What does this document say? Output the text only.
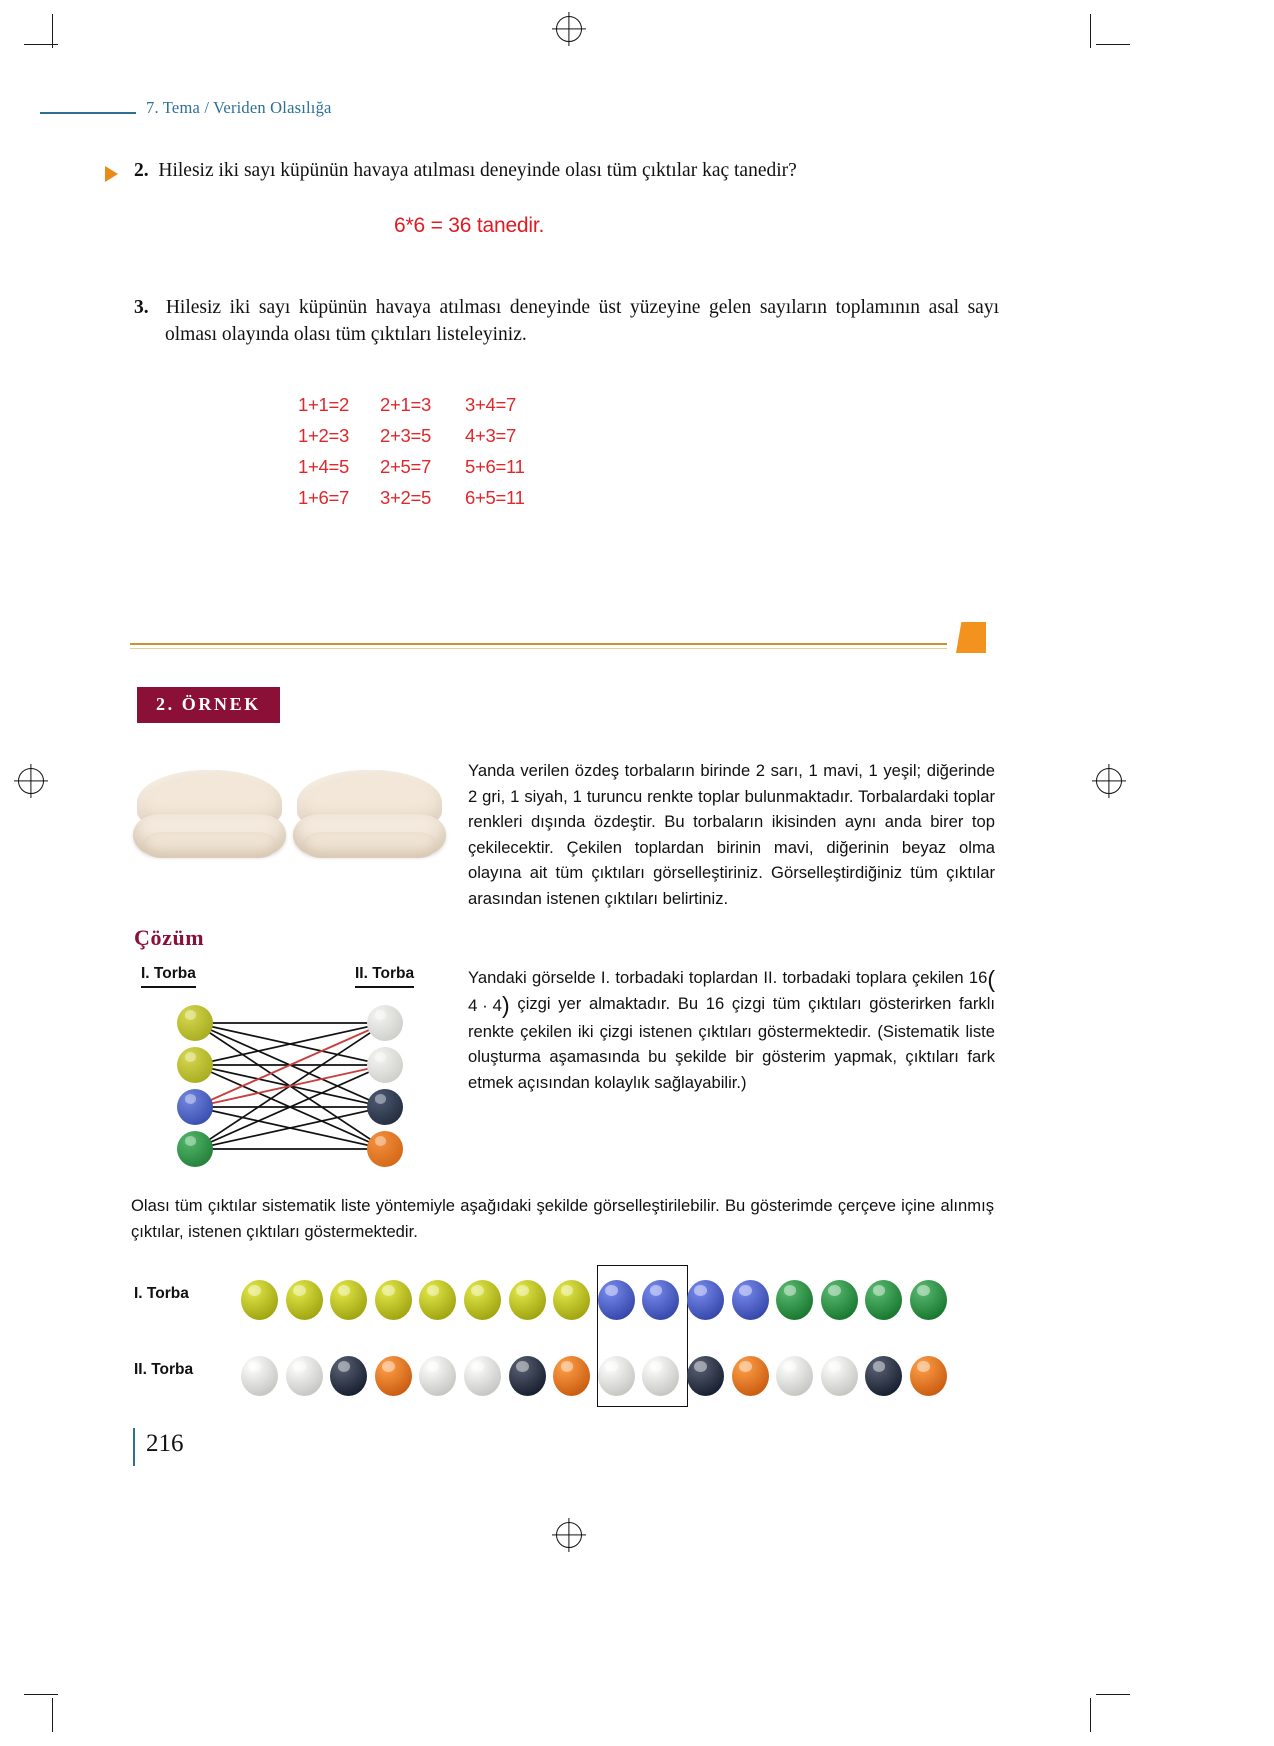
7. Tema / Veriden Olasılığa
2. Hilesiz iki sayı küpünün havaya atılması deneyinde olası tüm çıktılar kaç tanedir?
6*6 = 36 tanedir.
3. Hilesiz iki sayı küpünün havaya atılması deneyinde üst yüzeyine gelen sayıların toplamının asal sayı olması olayında olası tüm çıktıları listeleyiniz.
1+1=2	2+1=3	3+4=7
1+2=3	2+3=5	4+3=7
1+4=5	2+5=7	5+6=11
1+6=7	3+2=5	6+5=11
2. ÖRNEK
Yanda verilen özdeş torbaların birinde 2 sarı, 1 mavi, 1 yeşil; diğerinde 2 gri, 1 siyah, 1 turuncu renkte toplar bulunmaktadır. Torbalardaki toplar renkleri dışında özdeştir. Bu torbaların ikisinden aynı anda birer top çekilecektir. Çekilen toplardan birinin mavi, diğerinin beyaz olma olayına ait tüm çıktıları görselleştiriniz. Görselleştirdiğiniz tüm çıktılar arasından istenen çıktıları belirtiniz.
Çözüm
I. Torba	II. Torba	Yandaki görselde I. torbadaki toplardan II. torbadaki toplara çekilen 16(4 · 4) çizgi yer almaktadır. Bu 16 çizgi tüm çıktıları gösterirken farklı renkte çekilen iki çizgi istenen çıktıları göstermektedir. (Sistematik liste oluşturma aşamasında bu şekilde bir gösterim yapmak, çıktıları fark etmek açısından kolaylık sağlayabilir.)
Olası tüm çıktılar sistematik liste yöntemiyle aşağıdaki şekilde görselleştirilebilir. Bu gösterimde çerçeve içine alınmış çıktılar, istenen çıktıları göstermektedir.
I. Torba
II. Torba
216
